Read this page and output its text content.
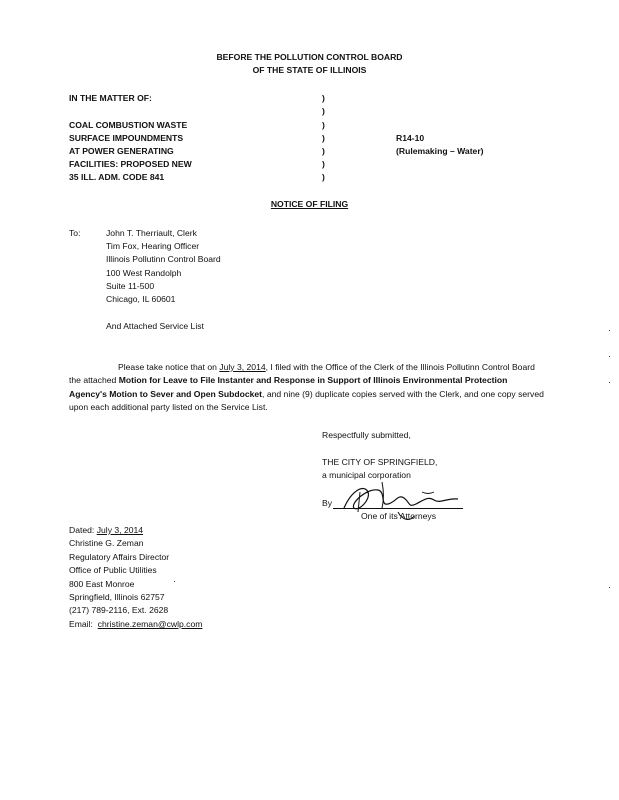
BEFORE THE POLLUTION CONTROL BOARD
OF THE STATE OF ILLINOIS
IN THE MATTER OF:
COAL COMBUSTION WASTE
SURFACE IMPOUNDMENTS
AT POWER GENERATING
FACILITIES: PROPOSED NEW
35 ILL. ADM. CODE 841
)
)
)
)
)
)
)
R14-10
(Rulemaking – Water)
NOTICE OF FILING
To:	John T. Therriault, Clerk
Tim Fox, Hearing Officer
Illinois Pollutinn Control Board
100 West Randolph
Suite 11-500
Chicago, IL 60601
And Attached Service List
Please take notice that on July 3, 2014, I filed with the Office of the Clerk of the Illinois Pollutinn Control Board the attached Motion for Leave to File Instanter and Response in Support of Illinois Environmental Protection Agency's Motion to Sever and Open Subdocket, and nine (9) duplicate copies served with the Clerk, and one copy served upon each additional party listed on the Service List.
Respectfully submitted,
THE CITY OF SPRINGFIELD,
a municipal corporation
By
One of its Attorneys
Dated: July 3, 2014
Christine G. Zeman
Regulatory Affairs Director
Office of Public Utilities
800 East Monroe
Springfield, Illinois 62757
(217) 789-2116, Ext. 2628
Email: christine.zeman@cwlp.com
